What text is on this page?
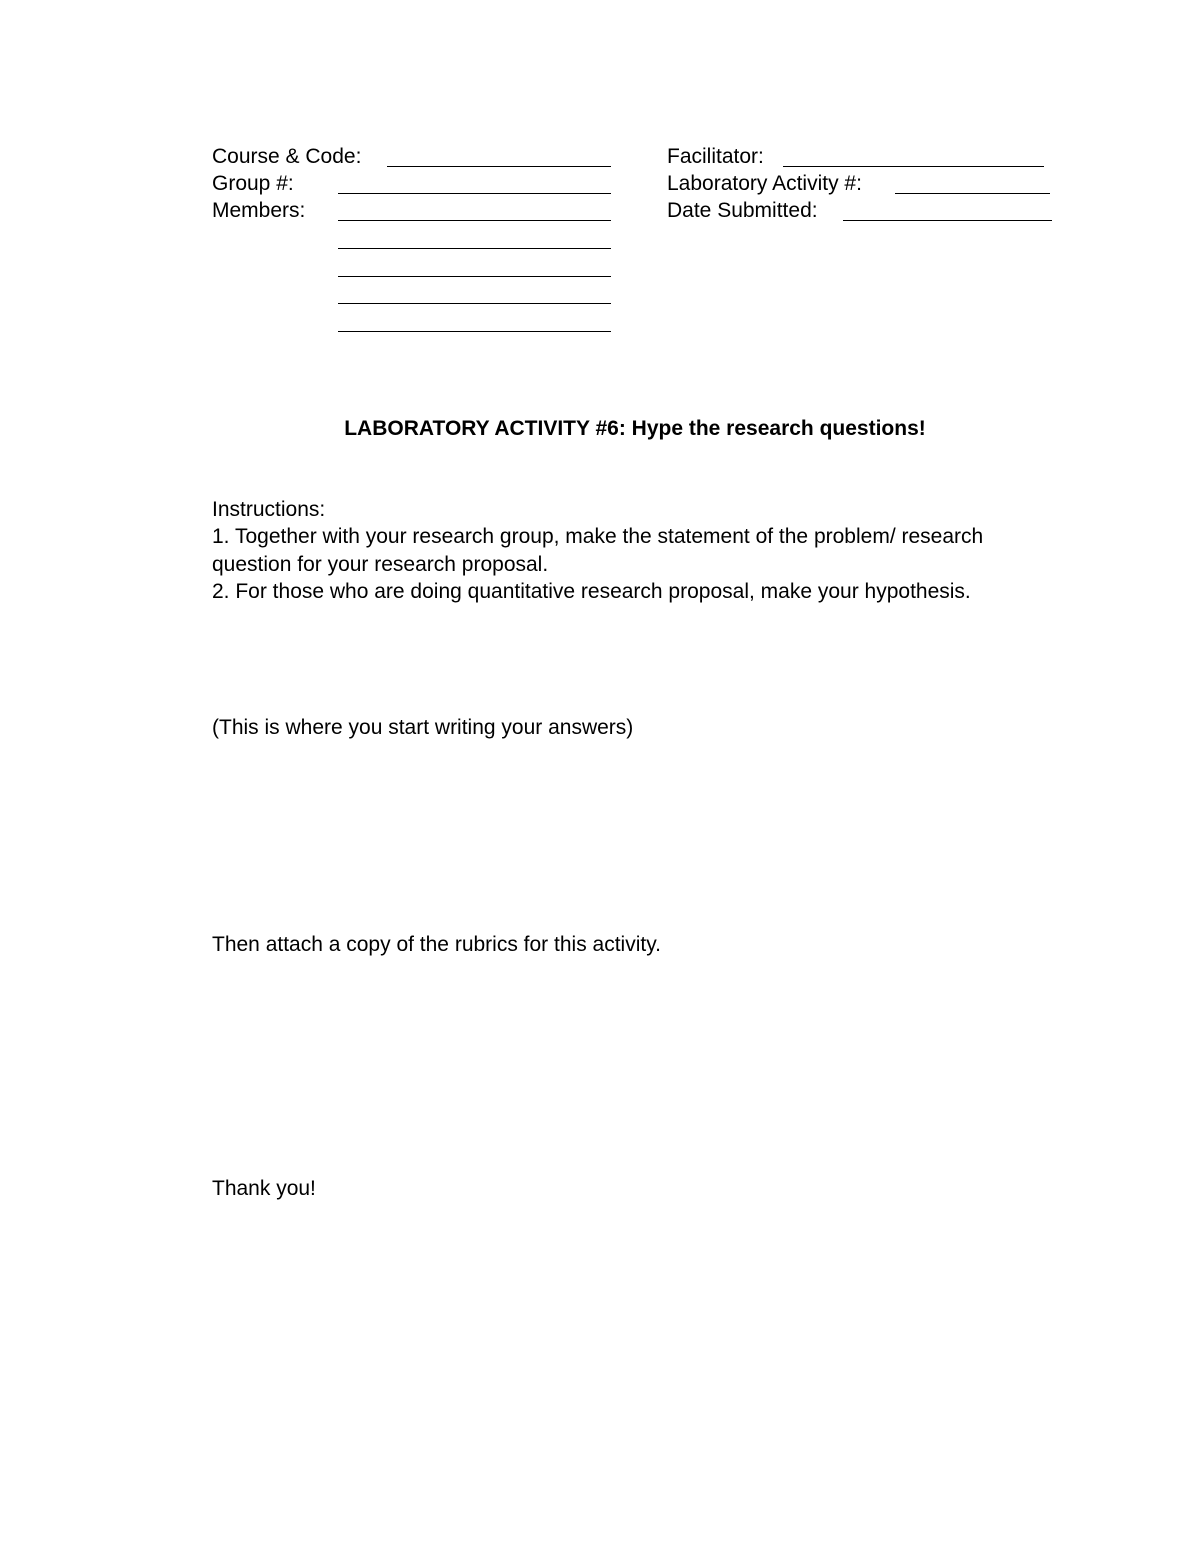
Course & Code:
Group #:
Members:
Facilitator:
Laboratory Activity #:
Date Submitted:
LABORATORY ACTIVITY #6: Hype the research questions!
Instructions:
1. Together with your research group, make the statement of the problem/ research question for your research proposal.
2. For those who are doing quantitative research proposal, make your hypothesis.
(This is where you start writing your answers)
Then attach a copy of the rubrics for this activity.
Thank you!
